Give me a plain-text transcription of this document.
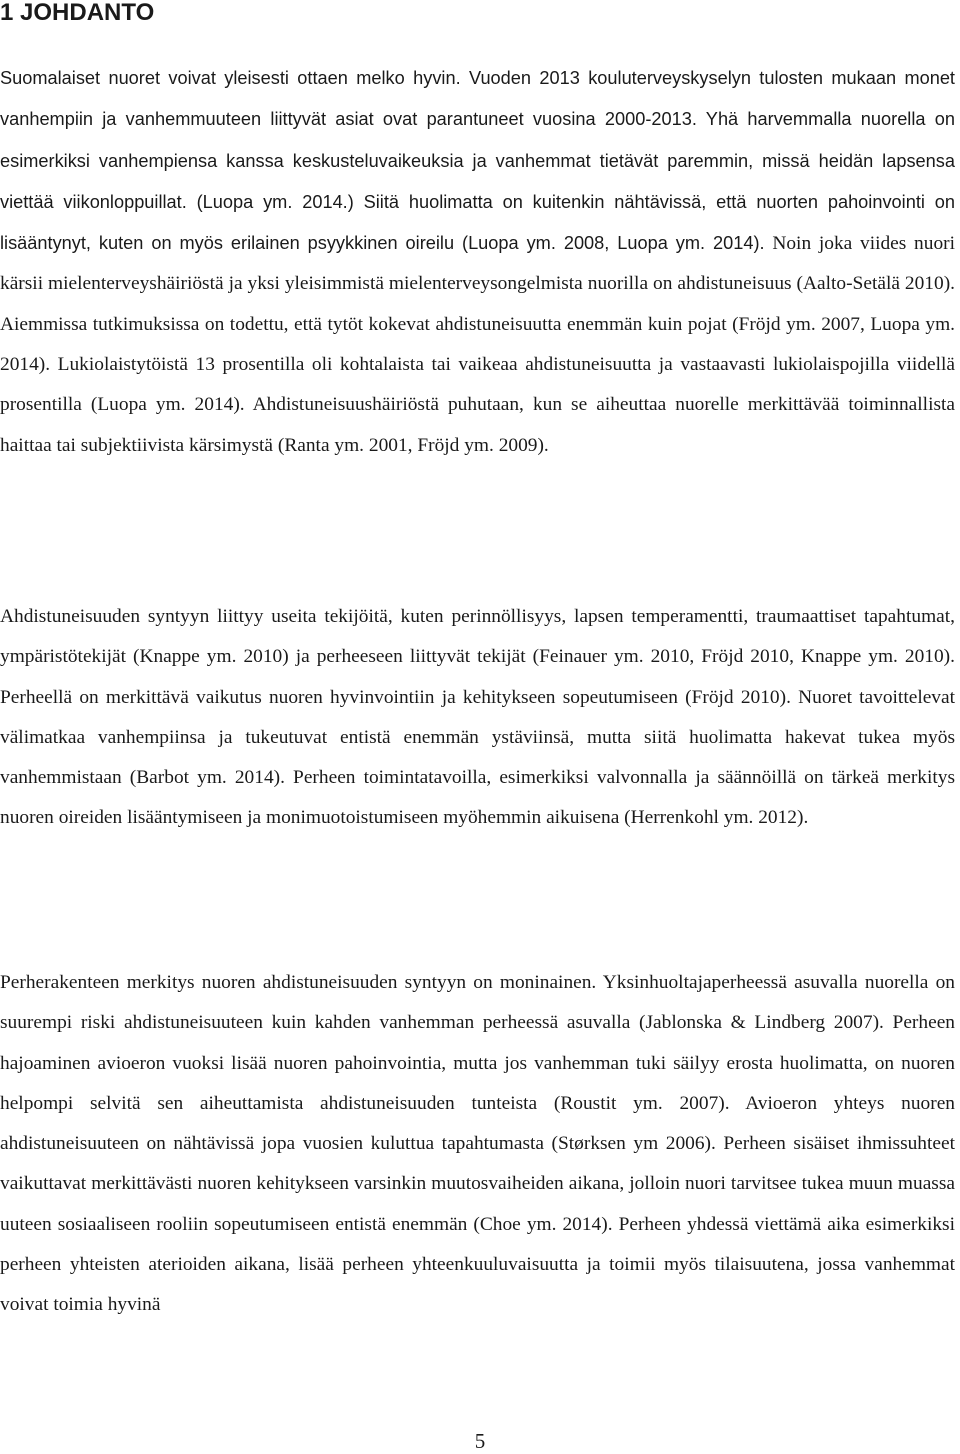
1 JOHDANTO

Suomalaiset nuoret voivat yleisesti ottaen melko hyvin. Vuoden 2013 kouluterveyskyselyn tulosten mukaan monet vanhempiin ja vanhemmuuteen liittyvät asiat ovat parantuneet vuosina 2000-2013. Yhä harvemmalla nuorella on esimerkiksi vanhempiensa kanssa keskusteluvaikeuksia ja vanhemmat tietävät paremmin, missä heidän lapsensa viettää viikonloppuillat. (Luopa ym. 2014.) Siitä huolimatta on kuitenkin nähtävissä, että nuorten pahoinvointi on lisääntynyt, kuten on myös erilainen psyykkinen oireilu (Luopa ym. 2008, Luopa ym. 2014). Noin joka viides nuori kärsii mielenterveyshäiriöstä ja yksi yleisimmistä mielenterveysongelmista nuorilla on ahdistuneisuus (Aalto-Setälä 2010). Aiemmissa tutkimuksissa on todettu, että tytöt kokevat ahdistuneisuutta enemmän kuin pojat (Fröjd ym. 2007, Luopa ym. 2014). Lukiolaistytöistä 13 prosentilla oli kohtalaista tai vaikeaa ahdistuneisuutta ja vastaavasti lukiolaispojilla viidellä prosentilla (Luopa ym. 2014). Ahdistuneisuushäiriöstä puhutaan, kun se aiheuttaa nuorelle merkittävää toiminnallista haittaa tai subjektiivista kärsimystä (Ranta ym. 2001, Fröjd ym. 2009).

Ahdistuneisuuden syntyyn liittyy useita tekijöitä, kuten perinnöllisyys, lapsen temperamentti, traumaattiset tapahtumat, ympäristötekijät (Knappe ym. 2010) ja perheeseen liittyvät tekijät (Feinauer ym. 2010, Fröjd 2010, Knappe ym. 2010). Perheellä on merkittävä vaikutus nuoren hyvinvointiin ja kehitykseen sopeutumiseen (Fröjd 2010). Nuoret tavoittelevat välimatkaa vanhempiinsa ja tukeutuvat entistä enemmän ystäviinsä, mutta siitä huolimatta hakevat tukea myös vanhemmistaan (Barbot ym. 2014). Perheen toimintatavoilla, esimerkiksi valvonnalla ja säännöillä on tärkeä merkitys nuoren oireiden lisääntymiseen ja monimuotoistumiseen myöhemmin aikuisena (Herrenkohl ym. 2012).

Perherakenteen merkitys nuoren ahdistuneisuuden syntyyn on moninainen. Yksinhuoltajaperheessä asuvalla nuorella on suurempi riski ahdistuneisuuteen kuin kahden vanhemman perheessä asuvalla (Jablonska & Lindberg 2007). Perheen hajoaminen avioeron vuoksi lisää nuoren pahoinvointia, mutta jos vanhemman tuki säilyy erosta huolimatta, on nuoren helpompi selvitä sen aiheuttamista ahdistuneisuuden tunteista (Roustit ym. 2007). Avioeron yhteys nuoren ahdistuneisuuteen on nähtävissä jopa vuosien kuluttua tapahtumasta (Størksen ym 2006). Perheen sisäiset ihmissuhteet vaikuttavat merkittävästi nuoren kehitykseen varsinkin muutosvaiheiden aikana, jolloin nuori tarvitsee tukea muun muassa uuteen sosiaaliseen rooliin sopeutumiseen entistä enemmän (Choe ym. 2014). Perheen yhdessä viettämä aika esimerkiksi perheen yhteisten aterioiden aikana, lisää perheen yhteenkuuluvaisuutta ja toimii myös tilaisuutena, jossa vanhemmat voivat toimia hyvinä

5
